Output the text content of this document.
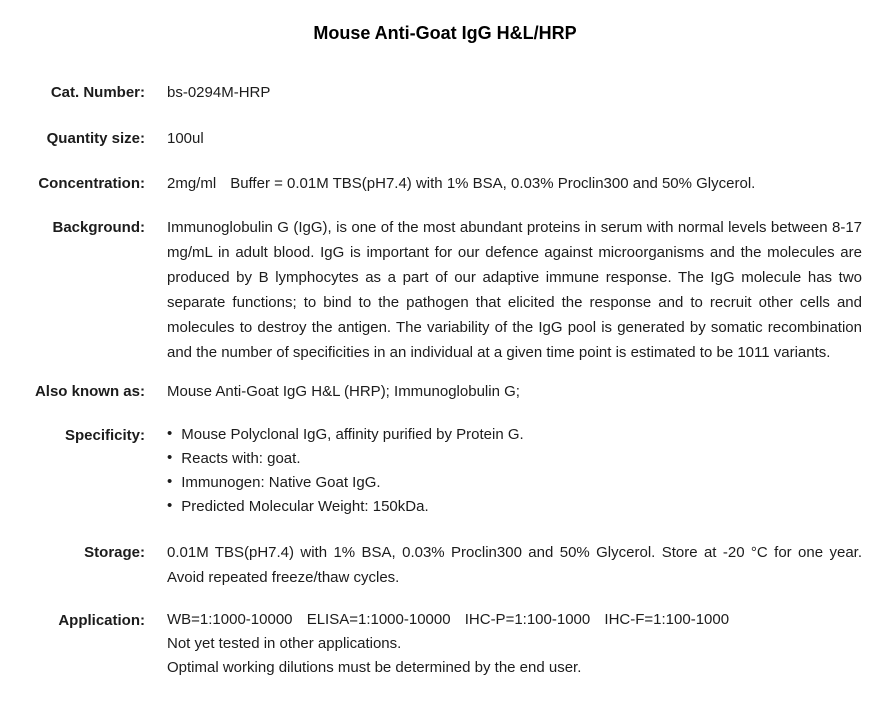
Mouse Anti-Goat IgG H&L/HRP
Cat. Number: bs-0294M-HRP
Quantity size: 100ul
Concentration: 2mg/ml Buffer = 0.01M TBS(pH7.4) with 1% BSA, 0.03% Proclin300 and 50% Glycerol.
Background: Immunoglobulin G (IgG), is one of the most abundant proteins in serum with normal levels between 8-17 mg/mL in adult blood. IgG is important for our defence against microorganisms and the molecules are produced by B lymphocytes as a part of our adaptive immune response. The IgG molecule has two separate functions; to bind to the pathogen that elicited the response and to recruit other cells and molecules to destroy the antigen. The variability of the IgG pool is generated by somatic recombination and the number of specificities in an individual at a given time point is estimated to be 1011 variants.
Also known as: Mouse Anti-Goat IgG H&L (HRP); Immunoglobulin G;
Specificity:	• Mouse Polyclonal IgG, affinity purified by Protein G.
• Reacts with: goat.
• Immunogen: Native Goat IgG.
• Predicted Molecular Weight: 150kDa.
Storage: 0.01M TBS(pH7.4) with 1% BSA, 0.03% Proclin300 and 50% Glycerol. Store at -20 °C for one year. Avoid repeated freeze/thaw cycles.
Application: WB=1:1000-10000 ELISA=1:1000-10000 IHC-P=1:100-1000 IHC-F=1:100-1000
Not yet tested in other applications.
Optimal working dilutions must be determined by the end user.
